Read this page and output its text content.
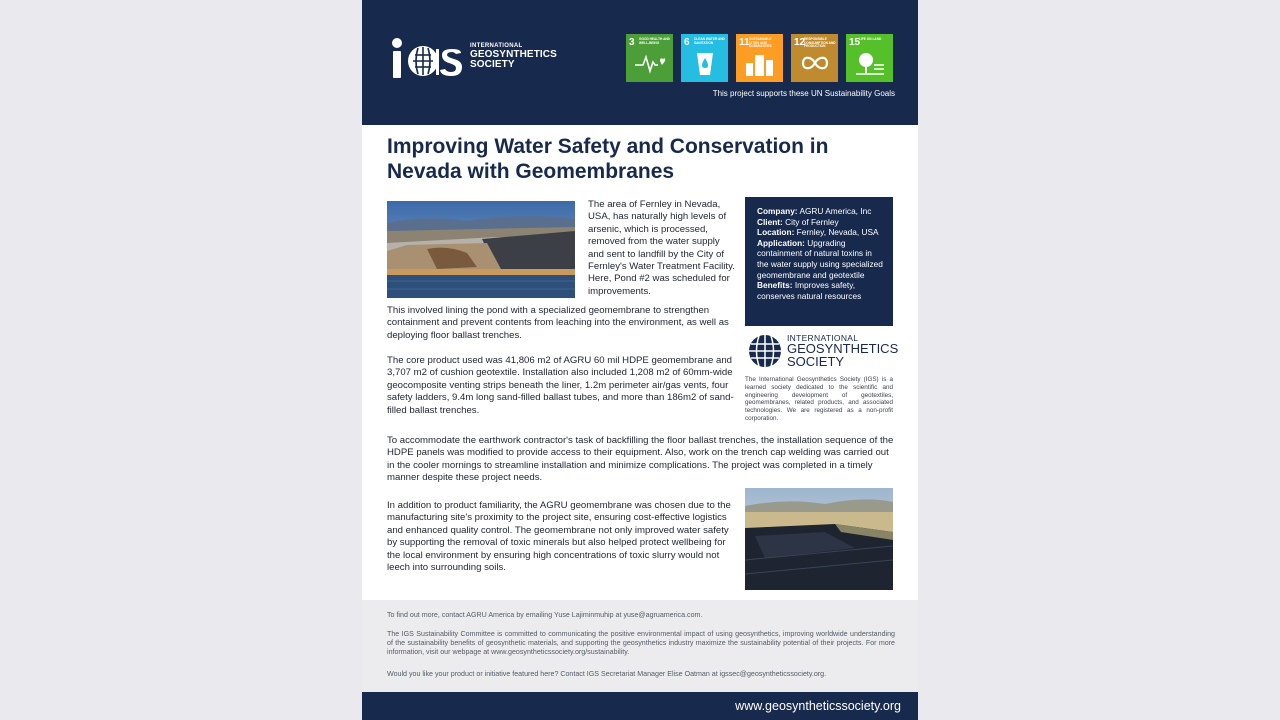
INTERNATIONAL
GEOSYNTHETICS
SOCIETY
3 GOOD HEALTH AND WELL-BEING	6 CLEAN WATER AND SANITATION	11 SUSTAINABLE CITIES AND COMMUNITIES	12
RESPONSIBLE CONSUMPTION AND PRODUCTION	15
LIFE ON LAND
This project supports these UN Sustainability Goals
Improving Water Safety and Conservation in Nevada with Geomembranes

The area of Fernley in Nevada, USA, has naturally high levels of arsenic, which is processed, removed from the water supply and sent to landfill by the City of Fernley's Water Treatment Facility. Here, Pond #2 was scheduled for improvements.

This involved lining the pond with a specialized geomembrane to strengthen containment and prevent contents from leaching into the environment, as well as deploying floor ballast trenches.

The core product used was 41,806 m2 of AGRU 60 mil HDPE geomembrane and 3,707 m2 of cushion geotextile. Installation also included 1,208 m2 of 60mm-wide geocomposite venting strips beneath the liner, 1.2m perimeter air/gas vents, four safety ladders, 9.4m long sand-filled ballast tubes, and more than 186m2 of sand-filled ballast trenches.

To accommodate the earthwork contractor's task of backfilling the floor ballast trenches, the installation sequence of the HDPE panels was modified to provide access to their equipment. Also, work on the trench cap welding was carried out in the cooler mornings to streamline installation and minimize complications. The project was completed in a timely manner despite these project needs.

In addition to product familiarity, the AGRU geomembrane was chosen due to the manufacturing site's proximity to the project site, ensuring cost-effective logistics and enhanced quality control. The geomembrane not only improved water safety by supporting the removal of toxic minerals but also helped protect wellbeing for the local environment by ensuring high concentrations of toxic slurry would not leech into surrounding soils.

Company: AGRU America, Inc
Client: City of Fernley
Location: Fernley, Nevada, USA
Application: Upgrading containment of natural toxins in the water supply using specialized geomembrane and geotextile
Benefits: Improves safety, conserves natural resources
INTERNATIONAL
GEOSYNTHETICS
SOCIETY

The International Geosynthetics Society (IGS) is a learned society dedicated to the scientific and engineering development of geotextiles, geomembranes, related products, and associated technologies. We are registered as a non-profit corporation.

To find out more, contact AGRU America by emailing Yuse Lajiminmuhip at yuse@agruamerica.com.

The IGS Sustainability Committee is committed to communicating the positive environmental impact of using geosynthetics, improving worldwide understanding of the sustainability benefits of geosynthetic materials, and supporting the geosynthetics industry maximize the sustainability potential of their projects. For more information, visit our webpage at www.geosyntheticssociety.org/sustainability.

Would you like your product or initiative featured here? Contact IGS Secretariat Manager Elise Oatman at igssec@geosyntheticssociety.org.

www.geosyntheticssociety.org
